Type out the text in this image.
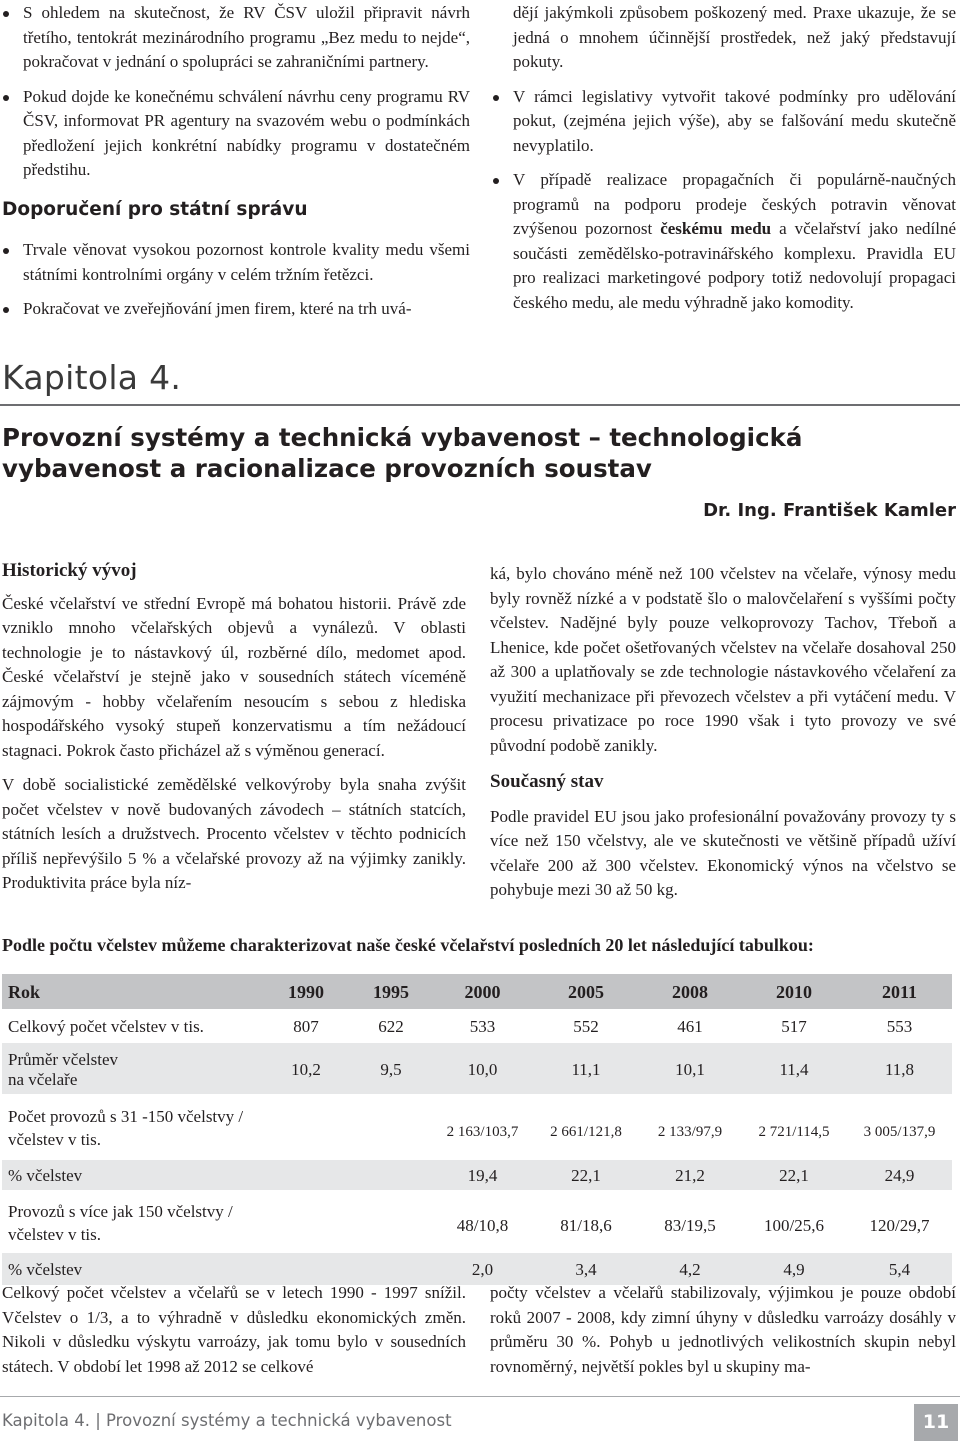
S ohledem na skutečnost, že RV ČSV uložil připravit návrh třetího, tentokrát mezinárodního programu „Bez medu to nejde“, pokračovat v jednání o spolupráci se zahraničními partnery.
Pokud dojde ke konečnému schválení návrhu ceny programu RV ČSV, informovat PR agentury na svazovém webu o podmínkách předložení jejich konkrétní nabídky programu v dostatečném předstihu.
Doporučení pro státní správu
Trvale věnovat vysokou pozornost kontrole kvality medu všemi státními kontrolními orgány v celém tržním řetězci.
Pokračovat ve zveřejňování jmen firem, které na trh uvá-

dějí jakýmkoli způsobem poškozený med. Praxe ukazuje, že se jedná o mnohem účinnější prostředek, než jaký představují pokuty.

V rámci legislativy vytvořit takové podmínky pro udělování pokut, (zejména jejich výše), aby se falšování medu skutečně nevyplatilo.
V případě realizace propagačních či populárně-naučných programů na podporu prodeje českých potravin věnovat zvýšenou pozornost českému medu a včelařství jako nedílné součásti zemědělsko-potravinářského komplexu. Pravidla EU pro realizaci marketingové podpory totiž nedovolují propagaci českého medu, ale medu výhradně jako komodity.
Kapitola 4.
Provozní systémy a technická vybavenost – technologická vybavenost a racionalizace provozních soustav
Dr. Ing. František Kamler
Historický vývoj

České včelařství ve střední Evropě má bohatou historii. Právě zde vzniklo mnoho včelařských objevů a vynálezů. V oblasti technologie je to nástavkový úl, rozběrné dílo, medomet apod. České včelařství je stejně jako v sousedních státech víceméně zájmovým - hobby včelařením nesoucím s sebou z hlediska hospodářského vysoký stupeň konzervatismu a tím nežádoucí stagnaci. Pokrok často přicházel až s výměnou generací.

V době socialistické zemědělské velkovýroby byla snaha zvýšit počet včelstev v nově budovaných závodech – státních statcích, státních lesích a družstvech. Procento včelstev v těchto podnicích příliš nepřevýšilo 5 % a včelařské provozy až na výjimky zanikly. Produktivita práce byla níz-

ká, bylo chováno méně než 100 včelstev na včelaře, výnosy medu byly rovněž nízké a v podstatě šlo o malovčelaření s vyššími počty včelstev. Nadějné byly pouze velkoprovozy Tachov, Třeboň a Lhenice, kde počet ošetřovaných včelstev na včelaře dosahoval 250 až 300 a uplatňovaly se zde technologie nástavkového včelaření za využití mechanizace při převozech včelstev a při vytáčení medu. V procesu privatizace po roce 1990 však i tyto provozy ve své původní podobě zanikly.

Současný stav

Podle pravidel EU jsou jako profesionální považovány provozy ty s více než 150 včelstvy, ale ve skutečnosti ve většině případů užíví včelaře 200 až 300 včelstev. Ekonomický výnos na včelstvo se pohybuje mezi 30 až 50 kg.

Podle počtu včelstev můžeme charakterizovat naše české včelařství posledních 20 let následující tabulkou:
Rok	1990	1995	2000	2005	2008	2010	2011
Celkový počet včelstev v tis.	807	622	533	552	461	517	553
Průměr včelstev
na včelaře	10,2	9,5	10,0	11,1	10,1	11,4	11,8
Počet provozů s 31 -150 včelstvy / včelstev v tis.			2 163/103,7	2 661/121,8	2 133/97,9	2 721/114,5	3 005/137,9
% včelstev			19,4	22,1	21,2	22,1	24,9
Provozů s více jak 150 včelstvy / včelstev v tis.			48/10,8	81/18,6	83/19,5	100/25,6	120/29,7
% včelstev			2,0	3,4	4,2	4,9	5,4
Celkový počet včelstev a včelařů se v letech 1990 - 1997 snížil. Včelstev o 1/3, a to výhradně v důsledku ekonomických změn. Nikoli v důsledku výskytu varroázy, jak tomu bylo v sousedních státech. V období let 1998 až 2012 se celkové
počty včelstev a včelařů stabilizovaly, výjimkou je pouze období roků 2007 - 2008, kdy zimní úhyny v důsledku varroázy dosáhly v průměru 30 %. Pohyb u jednotlivých velikostních skupin nebyl rovnoměrný, největší pokles byl u skupiny ma-
Kapitola 4. | Provozní systémy a technická vybavenost	11
